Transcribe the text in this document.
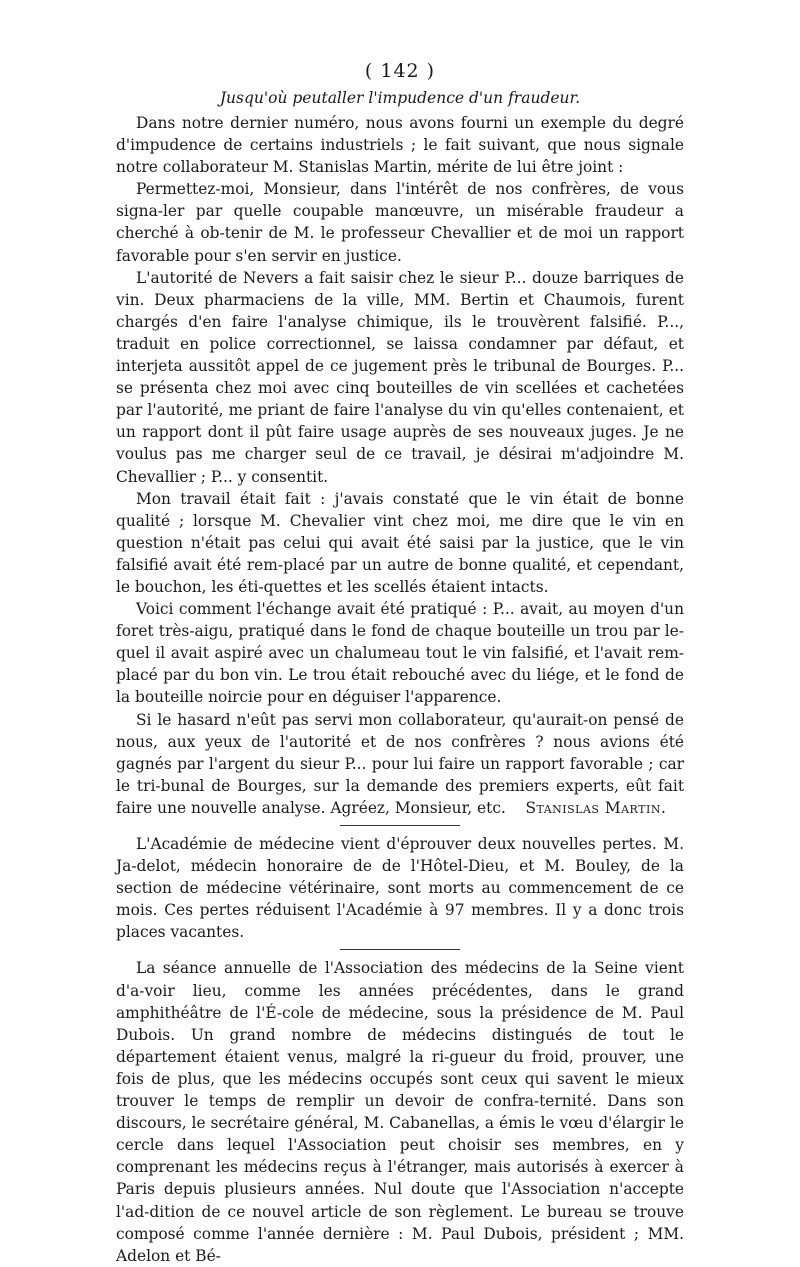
( 142 )
Jusqu'où peutaller l'impudence d'un fraudeur.

Dans notre dernier numéro, nous avons fourni un exemple du degré d'impudence de certains industriels ; le fait suivant, que nous signale notre collaborateur M. Stanislas Martin, mérite de lui être joint :

Permettez-moi, Monsieur, dans l'intérêt de nos confrères, de vous signa-ler par quelle coupable manœuvre, un misérable fraudeur a cherché à ob-tenir de M. le professeur Chevallier et de moi un rapport favorable pour s'en servir en justice.

L'autorité de Nevers a fait saisir chez le sieur P... douze barriques de vin. Deux pharmaciens de la ville, MM. Bertin et Chaumois, furent chargés d'en faire l'analyse chimique, ils le trouvèrent falsifié. P..., traduit en police correctionnel, se laissa condamner par défaut, et interjeta aussitôt appel de ce jugement près le tribunal de Bourges. P... se présenta chez moi avec cinq bouteilles de vin scellées et cachetées par l'autorité, me priant de faire l'analyse du vin qu'elles contenaient, et un rapport dont il pût faire usage auprès de ses nouveaux juges. Je ne voulus pas me charger seul de ce travail, je désirai m'adjoindre M. Chevallier ; P... y consentit.

Mon travail était fait : j'avais constaté que le vin était de bonne qualité ; lorsque M. Chevalier vint chez moi, me dire que le vin en question n'était pas celui qui avait été saisi par la justice, que le vin falsifié avait été rem-placé par un autre de bonne qualité, et cependant, le bouchon, les éti-quettes et les scellés étaient intacts.

Voici comment l'échange avait été pratiqué : P... avait, au moyen d'un foret très-aigu, pratiqué dans le fond de chaque bouteille un trou par le-quel il avait aspiré avec un chalumeau tout le vin falsifié, et l'avait rem-placé par du bon vin. Le trou était rebouché avec du liége, et le fond de la bouteille noircie pour en déguiser l'apparence.

Si le hasard n'eût pas servi mon collaborateur, qu'aurait-on pensé de nous, aux yeux de l'autorité et de nos confrères ? nous avions été gagnés par l'argent du sieur P... pour lui faire un rapport favorable ; car le tri-bunal de Bourges, sur la demande des premiers experts, eût fait faire une nouvelle analyse. Agréez, Monsieur, etc. Stanislas Martin.

L'Académie de médecine vient d'éprouver deux nouvelles pertes. M. Ja-delot, médecin honoraire de de l'Hôtel-Dieu, et M. Bouley, de la section de médecine vétérinaire, sont morts au commencement de ce mois. Ces pertes réduisent l'Académie à 97 membres. Il y a donc trois places vacantes.

La séance annuelle de l'Association des médecins de la Seine vient d'a-voir lieu, comme les années précédentes, dans le grand amphithéâtre de l'É-cole de médecine, sous la présidence de M. Paul Dubois. Un grand nombre de médecins distingués de tout le département étaient venus, malgré la ri-gueur du froid, prouver, une fois de plus, que les médecins occupés sont ceux qui savent le mieux trouver le temps de remplir un devoir de confra-ternité. Dans son discours, le secrétaire général, M. Cabanellas, a émis le vœu d'élargir le cercle dans lequel l'Association peut choisir ses membres, en y comprenant les médecins reçus à l'étranger, mais autorisés à exercer à Paris depuis plusieurs années. Nul doute que l'Association n'accepte l'ad-dition de ce nouvel article de son règlement. Le bureau se trouve composé comme l'année dernière : M. Paul Dubois, président ; MM. Adelon et Bé-
